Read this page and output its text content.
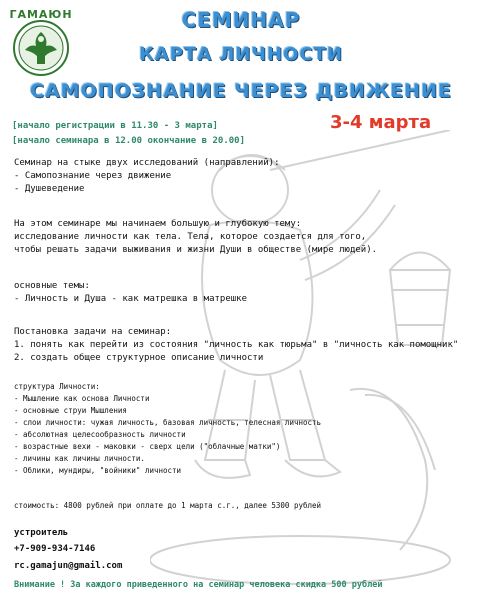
ГАМАЮН	СЕМИНАР
КАРТА ЛИЧНОСТИ
САМОПОЗНАНИЕ ЧЕРЕЗ ДВИЖЕНИЕ
[начало регистрации в 11.30 - 3 марта]
[начало семинара в 12.00 окончание в 20.00]
3-4 марта
Семинар на стыке двух исследований (направлений):
- Самопознание через движение
- Душеведение
На этом семинаре мы начинаем большую и глубокую тему:
исследование личности как тела. Тела, которое создается для того,
чтобы решать задачи выживания и жизни Души в обществе (мире людей).
основные темы:
- Личность и Душа - как матрешка в матрешке
Постановка задачи на семинар:
1. понять как перейти из состояния "личность как тюрьма" в "личность как помощник"
2. создать общее структурное описание личности
структура Личности:
- Мышление как основа Личности
- основные струи Мышления
- слои личности: чужая личность, базовая личность, телесная личность
- абсолютная целесообразность личности
- возрастные вехи - маковки - сверх цели ("облачные матки")
- личины как личины личности.
- Облики, мундиры, "войники" личности
стоимость: 4800 рублей при оплате до 1 марта с.г., далее 5300 рублей
устроитель
+7-909-934-7146
rc.gamajun@gmail.com
Внимание ! За каждого приведенного на семинар человека скидка 500 рублей
